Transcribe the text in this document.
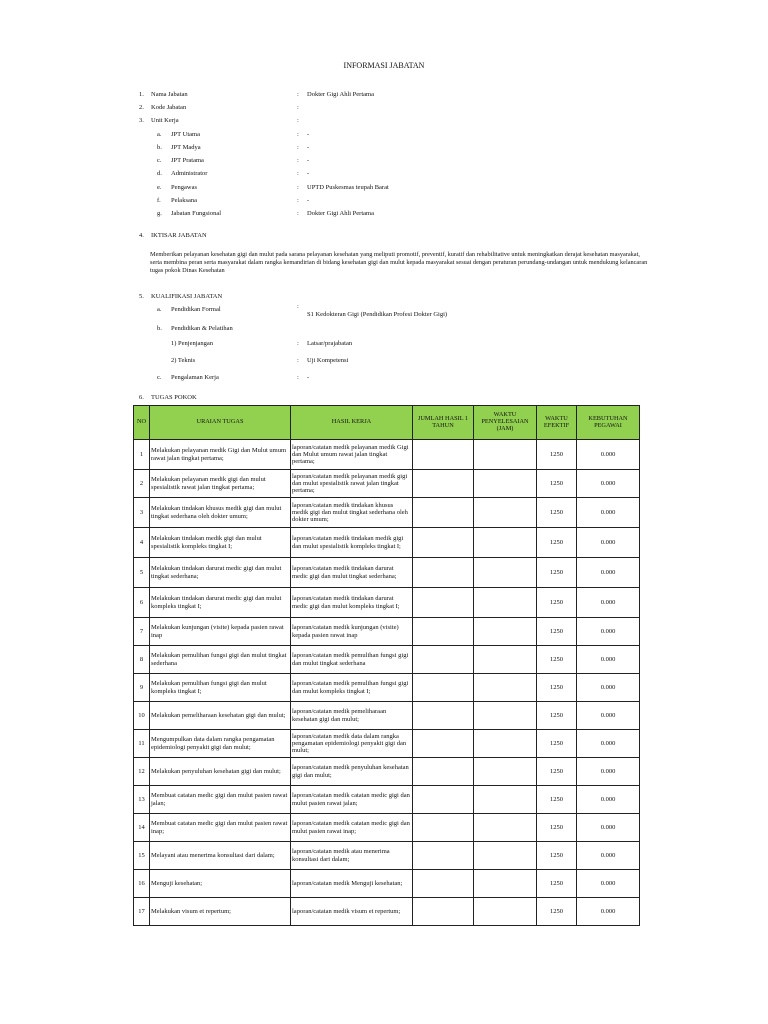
INFORMASI JABATAN
1. Nama Jabatan	: Dokter Gigi Ahli Pertama
2. Kode Jabatan	:
3. Unit Kerja	:
a. JPT Utama	: -
b. JPT Madya	: -
c. JPT Pratama	: -
d. Administrator	: -
e. Pengawas	: UPTD Puskesmas teupah Barat
f. Pelaksana	: -
g. Jabatan Fungsional	: Dokter Gigi Ahli Pertama
4. IKTISAR JABATAN
Memberikan pelayanan kesehatan gigi dan mulut pada sarana pelayanan kesehatan yang meliputi promotif, preventif, kuratif dan rehabilitative untuk meningkatkan derajat kesehatan masyarakat, serta membina peran serta masyarakat dalam rangka kemandirian di bidang kesehatan gigi dan mulut kepada masyarakat sesuai dengan peraturan perundang-undangan untuk mendukung kelancaran tugas pokok Dinas Kesehatan
5. KUALIFIKASI JABATAN
a. Pendidikan Formal	:
S1 Kedokteran Gigi (Pendidikan Profesi Dokter Gigi)
b. Pendidikan & Pelatihan
1) Penjenjangan	: Latsar/prajabatan
2) Teknis	: Uji Kompetensi
c. Pengalaman Kerja	: -
6. TUGAS POKOK
NO	URAIAN TUGAS	HASIL KERJA	JUMLAH HASIL 1 TAHUN	WAKTU PENYELESAIAN (JAM)	WAKTU EFEKTIF	KEBUTUHAN PEGAWAI
1	Melakukan pelayanan medik Gigi dan Mulut umum rawat jalan tingkat pertama;	laporan/catatan medik pelayanan medik Gigi dan Mulut umum rawat jalan tingkat pertama;			1250	0.000
2	Melakukan pelayanan medik gigi dan mulut spesialistik rawat jalan tingkat pertama;	laporan/catatan medik pelayanan medik gigi dan mulut spesialistik rawat jalan tingkat pertama;			1250	0.000
3	Melakukan tindakan khusus medik gigi dan mulut tingkat sederhana oleh dokter umum;	laporan/catatan medik tindakan khusus medik gigi dan mulut tingkat sederhana oleh dokter umum;			1250	0.000
4	Melakukan tindakan medik gigi dan mulut spesialistik kompleks tingkat I;	laporan/catatan medik tindakan medik gigi dan mulut spesialistik kompleks tingkat I;			1250	0.000
5	Melakukan tindakan darurat medic gigi dan mulut tingkat sederhana;	laporan/catatan medik tindakan darurat medic gigi dan mulut tingkat sederhana;			1250	0.000
6	Melakukan tindakan darurat medic gigi dan mulut kompleks tingkat I;	laporan/catatan medik tindakan darurat medic gigi dan mulut kompleks tingkat I;			1250	0.000
7	Melakukan kunjungan (visite) kepada pasien rawat inap	laporan/catatan medik kunjungan (visite) kepada pasien rawat inap			1250	0.000
8	Melakukan pemulihan fungsi gigi dan mulut tingkat sederhana	laporan/catatan medik pemulihan fungsi gigi dan mulut tingkat sederhana			1250	0.000
9	Melakukan pemulihan fungsi gigi dan mulut kompleks tingkat I;	laporan/catatan medik pemulihan fungsi gigi dan mulut kompleks tingkat I;			1250	0.000
10	Melakukan pemeliharaan kesehatan gigi dan mulut;	laporan/catatan medik pemeliharaan kesehatan gigi dan mulut;			1250	0.000
11	Mengumpulkan data dalam rangka pengamatan epidemiologi penyakit gigi dan mulut;	laporan/catatan medik data dalam rangka pengamatan epidemiologi penyakit gigi dan mulut;			1250	0.000
12	Melakukan penyuluhan kesehatan gigi dan mulut;	laporan/catatan medik penyuluhan kesehatan gigi dan mulut;			1250	0.000
13	Membuat catatan medic gigi dan mulut pasien rawat jalan;	laporan/catatan medik catatan medic gigi dan mulut pasien rawat jalan;			1250	0.000
14	Membuat catatan medic gigi dan mulut pasien rawat inap;	laporan/catatan medik catatan medic gigi dan mulut pasien rawat inap;			1250	0.000
15	Melayani atau menerima konsultasi dari dalam;	laporan/catatan medik atau menerima konsultasi dari dalam;			1250	0.000
16	Menguji kesehatan;	laporan/catatan medik Menguji kesehatan;			1250	0.000
17	Melakukan visum et repertum;	laporan/catatan medik visum et repertum;			1250	0.000
